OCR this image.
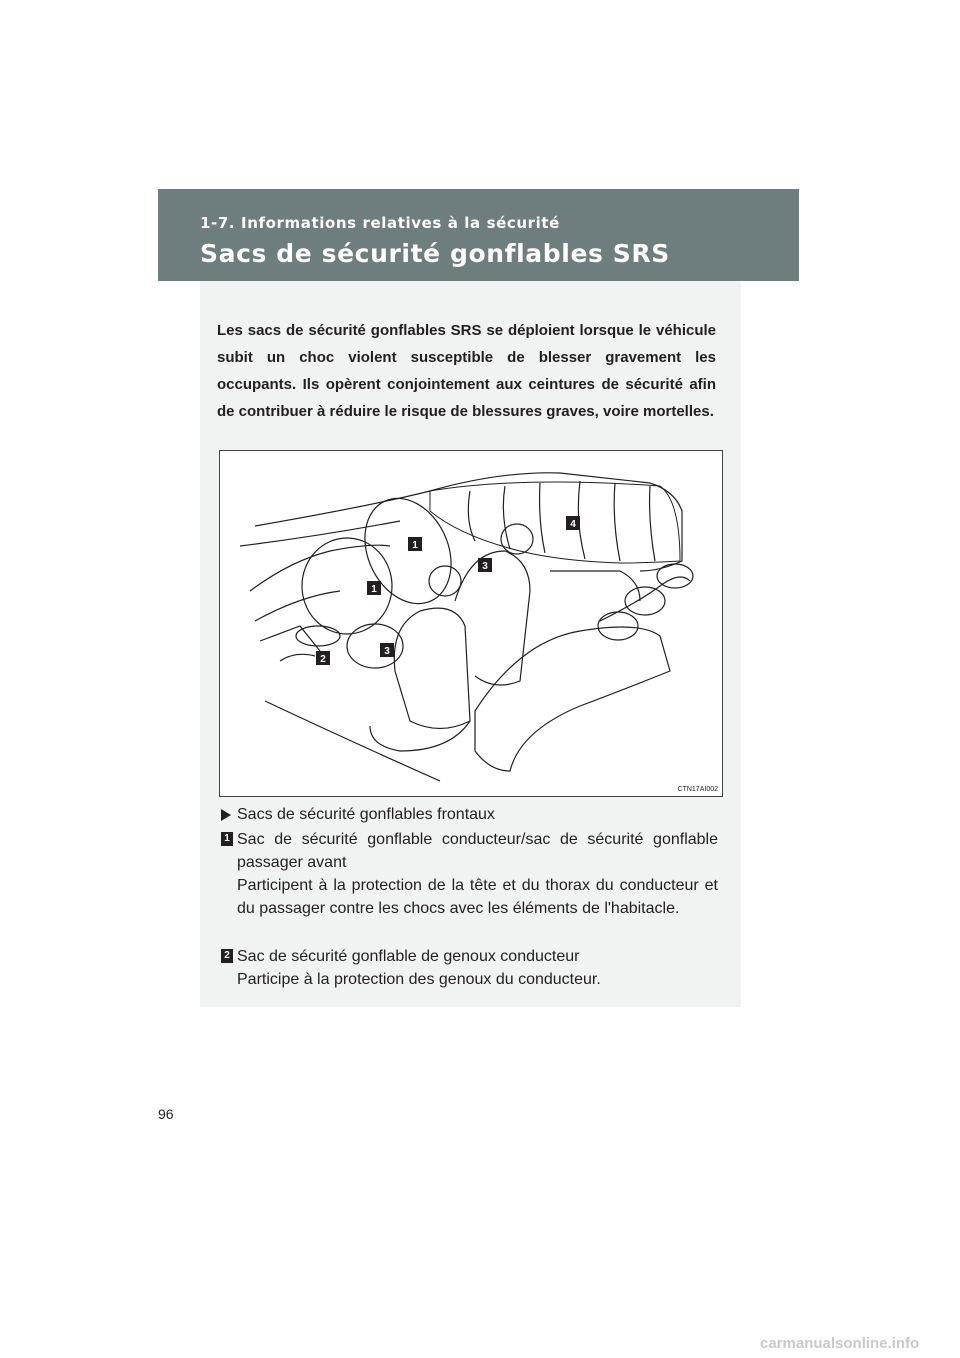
1-7. Informations relatives à la sécurité
Sacs de sécurité gonflables SRS

Les sacs de sécurité gonflables SRS se déploient lorsque le véhicule subit un choc violent susceptible de blesser gravement les occupants. Ils opèrent conjointement aux ceintures de sécurité afin de contribuer à réduire le risque de blessures graves, voire mortelles.

1
1
2
3
3
4
CTN17AI002
Sacs de sécurité gonflables frontaux
1 Sac de sécurité gonflable conducteur/sac de sécurité gonflable passager avant
Participent à la protection de la tête et du thorax du conducteur et du passager contre les chocs avec les éléments de l'habitacle.
2 Sac de sécurité gonflable de genoux conducteur
Participe à la protection des genoux du conducteur.
96
carmanualsonline.info
